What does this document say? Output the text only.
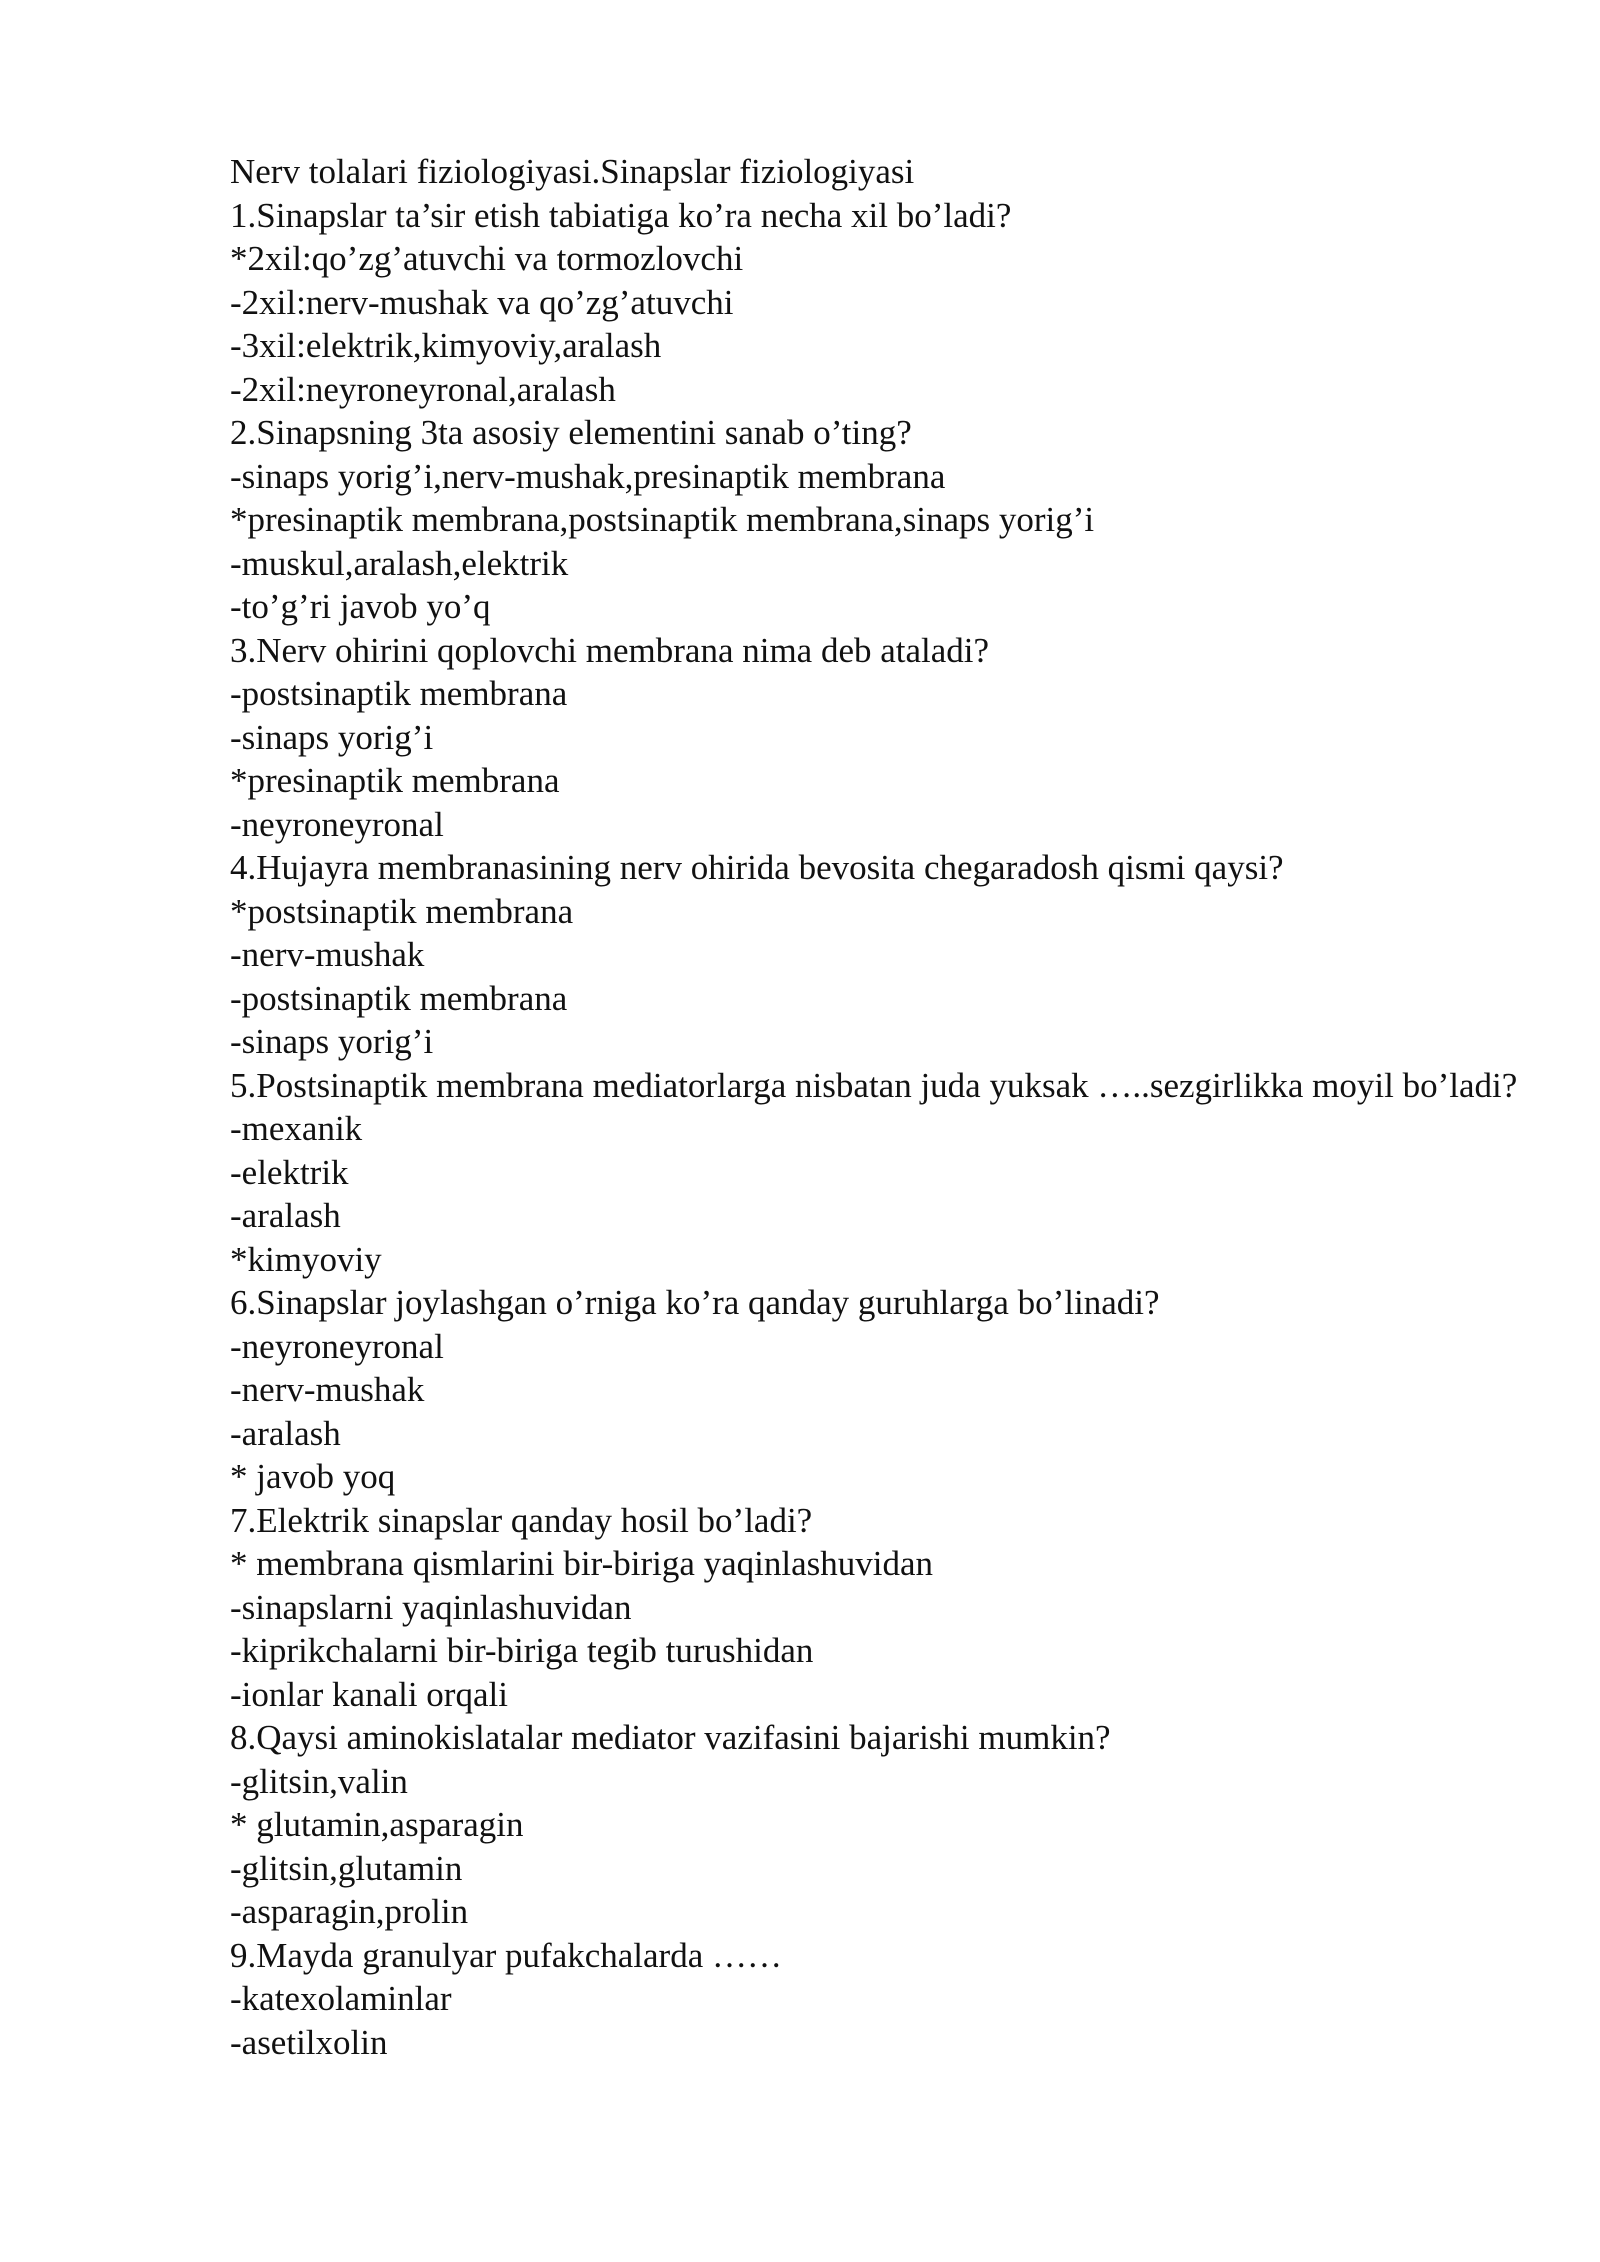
Nerv tolalari fiziologiyasi.Sinapslar fiziologiyasi

1.Sinapslar ta’sir etish tabiatiga ko’ra necha xil bo’ladi?

*2xil:qo’zg’atuvchi va tormozlovchi

-2xil:nerv-mushak va qo’zg’atuvchi

-3xil:elektrik,kimyoviy,aralash

-2xil:neyroneyronal,aralash

2.Sinapsning 3ta asosiy elementini sanab o’ting?

-sinaps yorig’i,nerv-mushak,presinaptik membrana

*presinaptik membrana,postsinaptik membrana,sinaps yorig’i

-muskul,aralash,elektrik

-to’g’ri javob yo’q

3.Nerv ohirini qoplovchi membrana nima deb ataladi?

-postsinaptik membrana

-sinaps yorig’i

*presinaptik membrana

-neyroneyronal

4.Hujayra membranasining nerv ohirida bevosita chegaradosh qismi qaysi?

*postsinaptik membrana

-nerv-mushak

-postsinaptik membrana

-sinaps yorig’i

5.Postsinaptik membrana mediatorlarga nisbatan juda yuksak …..sezgirlikka moyil bo’ladi?

-mexanik

-elektrik

-aralash

*kimyoviy

6.Sinapslar joylashgan o’rniga ko’ra qanday guruhlarga bo’linadi?

-neyroneyronal

-nerv-mushak

-aralash

* javob yoq

7.Elektrik sinapslar qanday hosil bo’ladi?

* membrana qismlarini bir-biriga yaqinlashuvidan

-sinapslarni yaqinlashuvidan

-kiprikchalarni bir-biriga tegib turushidan

-ionlar kanali orqali

8.Qaysi aminokislatalar mediator vazifasini bajarishi mumkin?

-glitsin,valin

* glutamin,asparagin

-glitsin,glutamin

-asparagin,prolin

9.Mayda granulyar pufakchalarda ……

-katexolaminlar

-asetilxolin
